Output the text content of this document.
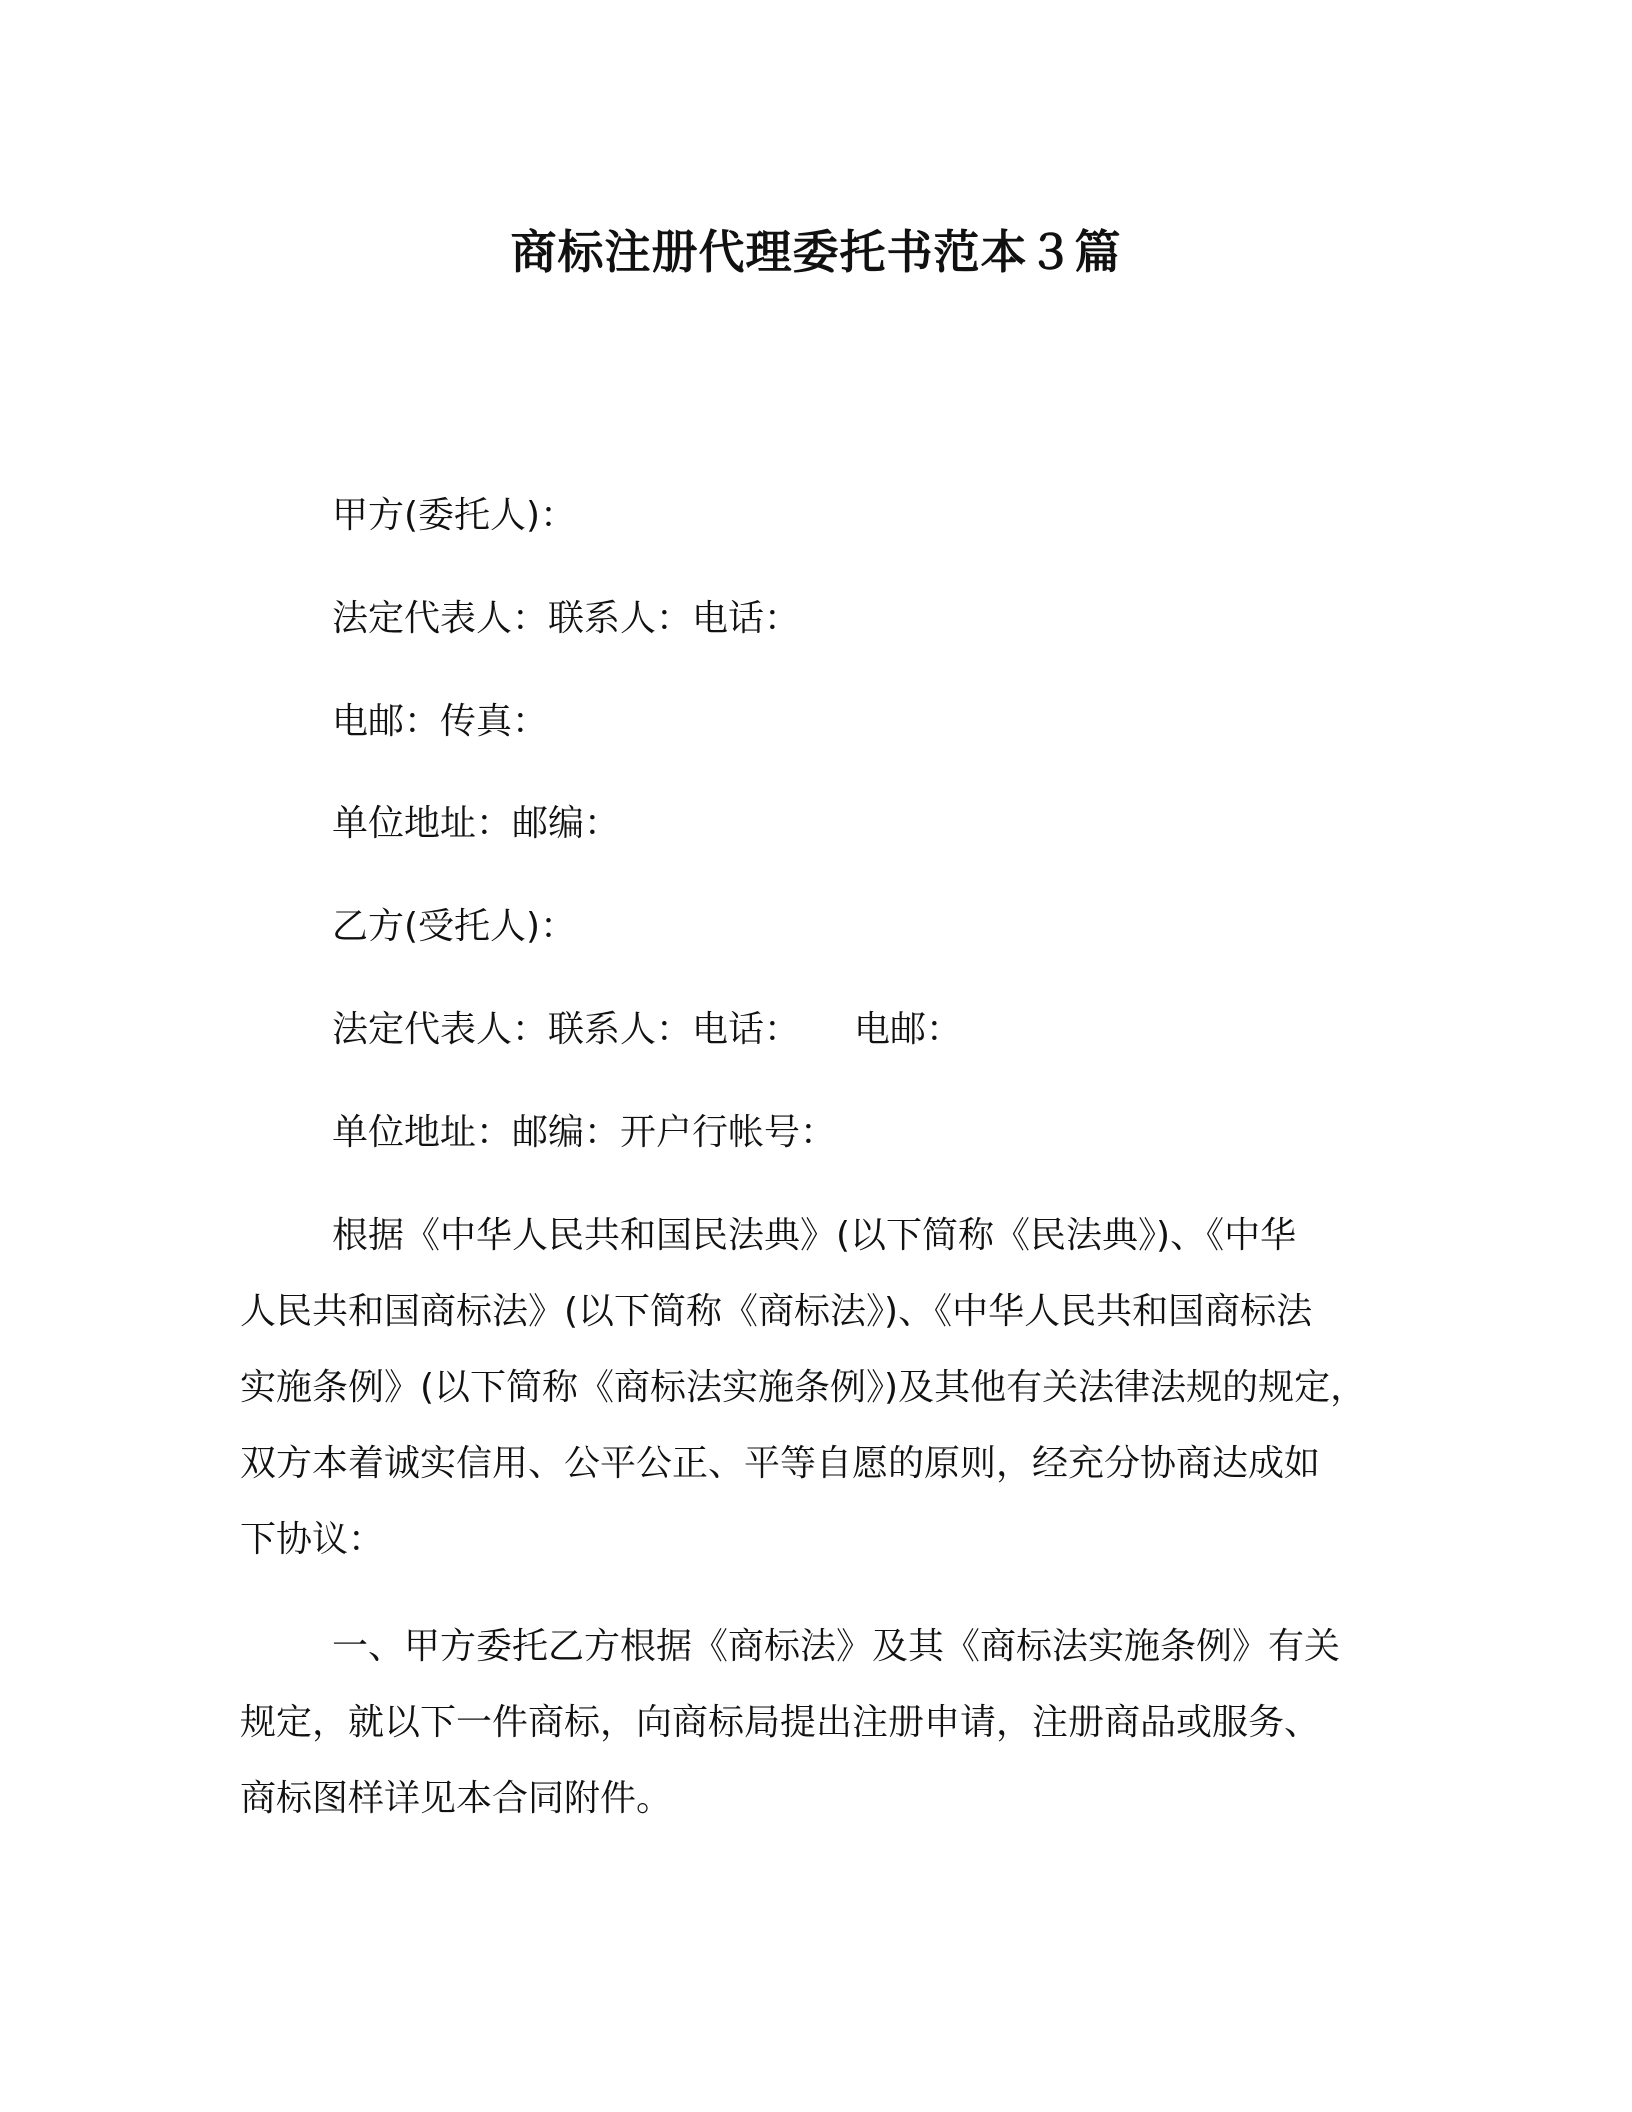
商标注册代理委托书范本３篇
甲方(委托人)：
法定代表人：联系人：电话：
电邮：传真：
单位地址：邮编：
乙方(受托人)：
法定代表人：联系人：电话：　　电邮：
单位地址：邮编：开户行帐号：
根据《中华人民共和国民法典》(以下简称《民法典》)、《中华
人民共和国商标法》(以下简称《商标法》)、《中华人民共和国商标法
实施条例》(以下简称《商标法实施条例》)及其他有关法律法规的规定，
双方本着诚实信用、公平公正、平等自愿的原则，经充分协商达成如
下协议：
一、甲方委托乙方根据《商标法》及其《商标法实施条例》有关
规定，就以下一件商标，向商标局提出注册申请，注册商品或服务、
商标图样详见本合同附件。
